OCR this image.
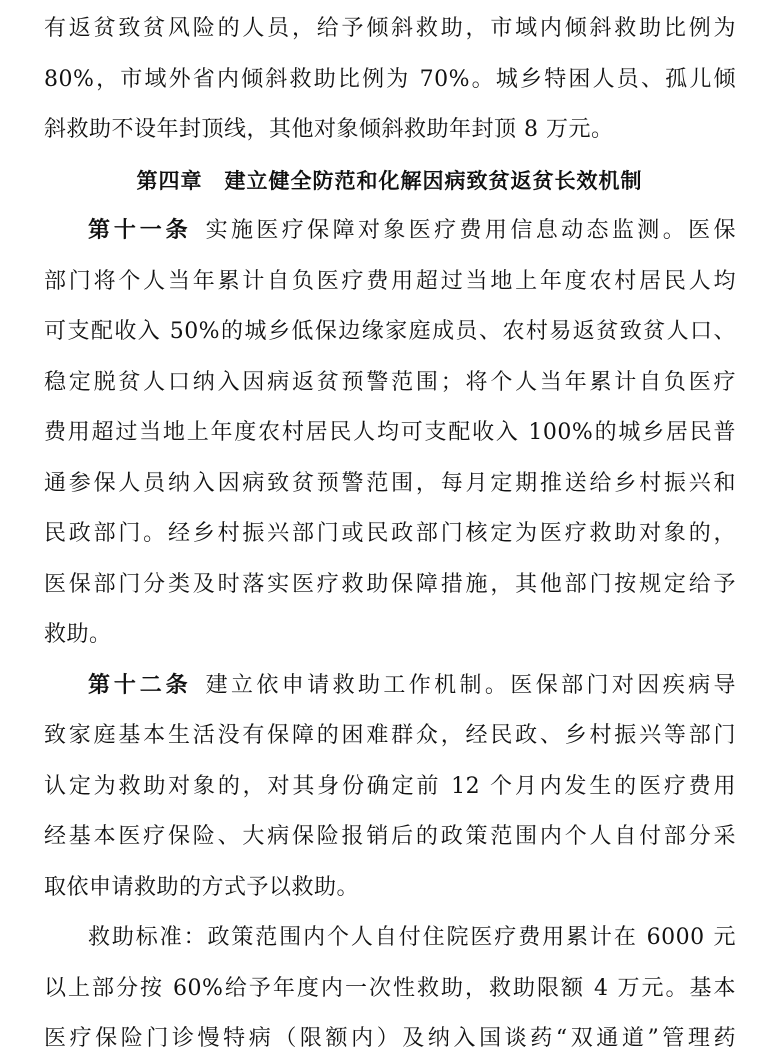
有返贫致贫风险的人员，给予倾斜救助，市域内倾斜救助比例为
80%，市域外省内倾斜救助比例为 70%。城乡特困人员、孤儿倾
斜救助不设年封顶线，其他对象倾斜救助年封顶 8 万元。
第四章　建立健全防范和化解因病致贫返贫长效机制
第十一条 实施医疗保障对象医疗费用信息动态监测。医保
部门将个人当年累计自负医疗费用超过当地上年度农村居民人均
可支配收入 50%的城乡低保边缘家庭成员、农村易返贫致贫人口、
稳定脱贫人口纳入因病返贫预警范围；将个人当年累计自负医疗
费用超过当地上年度农村居民人均可支配收入 100%的城乡居民普
通参保人员纳入因病致贫预警范围，每月定期推送给乡村振兴和
民政部门。经乡村振兴部门或民政部门核定为医疗救助对象的，
医保部门分类及时落实医疗救助保障措施，其他部门按规定给予
救助。
第十二条 建立依申请救助工作机制。医保部门对因疾病导
致家庭基本生活没有保障的困难群众，经民政、乡村振兴等部门
认定为救助对象的，对其身份确定前 12 个月内发生的医疗费用
经基本医疗保险、大病保险报销后的政策范围内个人自付部分采
取依申请救助的方式予以救助。
救助标准：政策范围内个人自付住院医疗费用累计在 6000 元
以上部分按 60%给予年度内一次性救助，救助限额 4 万元。基本
医疗保险门诊慢特病（限额内）及纳入国谈药“双通道”管理药
